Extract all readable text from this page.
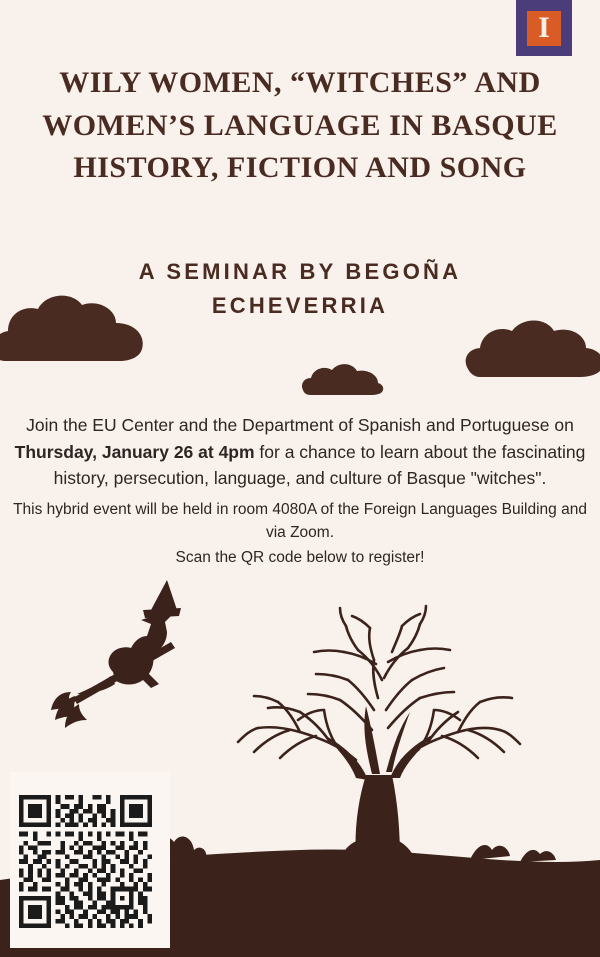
I
WILY WOMEN, “WITCHES” AND
WOMEN’S LANGUAGE IN BASQUE
HISTORY, FICTION AND SONG
A SEMINAR BY BEGOÑA
ECHEVERRIA

Join the EU Center and the Department of Spanish and Portuguese on Thursday, January 26 at 4pm for a chance to learn about the fascinating history, persecution, language, and culture of Basque "witches".

This hybrid event will be held in room 4080A of the Foreign Languages Building and via Zoom.

Scan the QR code below to register!
